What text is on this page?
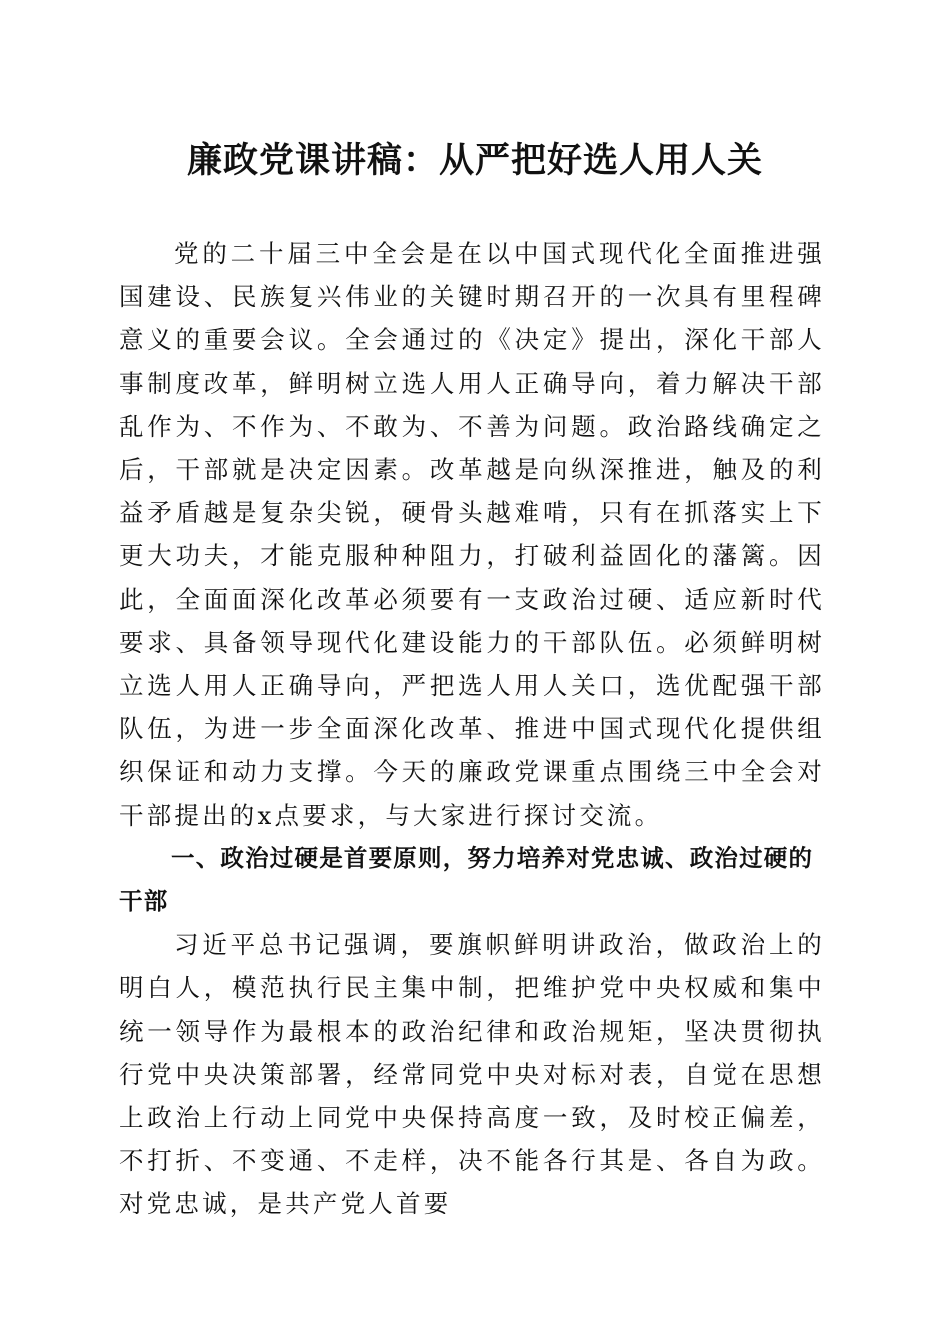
廉政党课讲稿：从严把好选人用人关

党的二十届三中全会是在以中国式现代化全面推进强国建设、民族复兴伟业的关键时期召开的一次具有里程碑意义的重要会议。全会通过的《决定》提出，深化干部人事制度改革，鲜明树立选人用人正确导向，着力解决干部乱作为、不作为、不敢为、不善为问题。政治路线确定之后，干部就是决定因素。改革越是向纵深推进，触及的利益矛盾越是复杂尖锐，硬骨头越难啃，只有在抓落实上下更大功夫，才能克服种种阻力，打破利益固化的藩篱。因此，全面面深化改革必须要有一支政治过硬、适应新时代要求、具备领导现代化建设能力的干部队伍。必须鲜明树立选人用人正确导向，严把选人用人关口，选优配强干部队伍，为进一步全面深化改革、推进中国式现代化提供组织保证和动力支撑。今天的廉政党课重点围绕三中全会对干部提出的x点要求，与大家进行探讨交流。

一、政治过硬是首要原则，努力培养对党忠诚、政治过硬的干部

习近平总书记强调，要旗帜鲜明讲政治，做政治上的明白人，模范执行民主集中制，把维护党中央权威和集中统一领导作为最根本的政治纪律和政治规矩，坚决贯彻执行党中央决策部署，经常同党中央对标对表，自觉在思想上政治上行动上同党中央保持高度一致，及时校正偏差，不打折、不变通、不走样，决不能各行其是、各自为政。对党忠诚，是共产党人首要
